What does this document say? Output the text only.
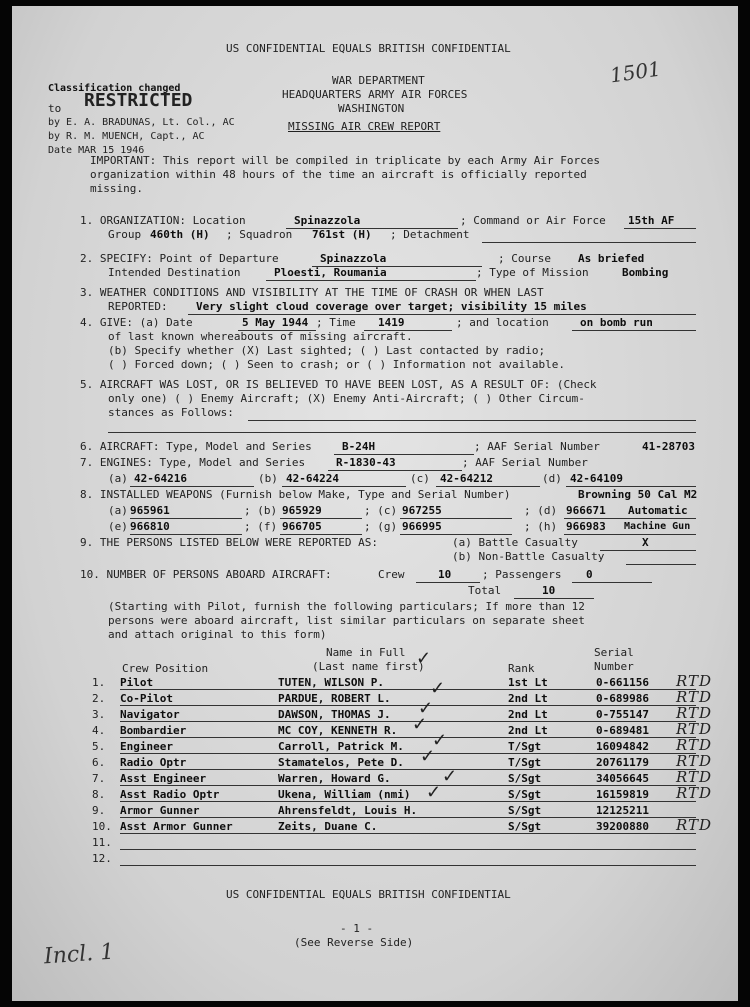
US CONFIDENTIAL EQUALS BRITISH CONFIDENTIAL
Classification changed
to RESTRICTED
by E. A. BRADUNAS, Lt. Col., AC
by R. M. MUENCH, Capt., AC
Date MAR 15 1946
WAR DEPARTMENT
HEADQUARTERS ARMY AIR FORCES
WASHINGTON
MISSING AIR CREW REPORT
1501
IMPORTANT: This report will be compiled in triplicate by each Army Air Forces
organization within 48 hours of the time an aircraft is officially reported
missing.
1. ORGANIZATION: Location	Spinazzola	; Command or Air Force 15th AF
Group 460th (H) ; Squadron 761st (H) ; Detachment
2. SPECIFY: Point of Departure	Spinazzola	; Course As briefed
Intended Destination	Ploesti, Roumania	; Type of Mission	Bombing
3. WEATHER CONDITIONS AND VISIBILITY AT THE TIME OF CRASH OR WHEN LAST
REPORTED:	Very slight cloud coverage over target; visibility 15 miles
4. GIVE: (a) Date	5 May 1944 ; Time 1419	; and location	on bomb run
of last known whereabouts of missing aircraft.
(b) Specify whether (X) Last sighted; ( ) Last contacted by radio;
( ) Forced down; ( ) Seen to crash; or ( ) Information not available.
5. AIRCRAFT WAS LOST, OR IS BELIEVED TO HAVE BEEN LOST, AS A RESULT OF: (Check
only one) ( ) Enemy Aircraft; (X) Enemy Anti-Aircraft; ( ) Other Circum-
stances as Follows:
6. AIRCRAFT: Type, Model and Series	B-24H	; AAF Serial Number	41-28703
7. ENGINES: Type, Model and Series	R-1830-43	; AAF Serial Number
(a) 42-64216	(b) 42-64224	(c) 42-64212	(d) 42-64109
8. INSTALLED WEAPONS (Furnish below Make, Type and Serial Number)	Browning 50 Cal M2
(a) 965961	; (b) 965929	; (c) 967255	; (d) 966671 Automatic
(e) 966810	; (f) 966705	; (g) 966995	; (h) 966983 Machine Gun
9. THE PERSONS LISTED BELOW WERE REPORTED AS:	(a) Battle Casualty	X
(b) Non-Battle Casualty
10. NUMBER OF PERSONS ABOARD AIRCRAFT:	Crew	10	; Passengers 0
Total	10
(Starting with Pilot, furnish the following particulars; If more than 12
persons were aboard aircraft, list similar particulars on separate sheet
and attach original to this form)
Name in Full
(Last name first)
Crew Position	Rank
Serial
Number
1. Pilot	TUTEN, WILSON P.	1st Lt	0-661156 RTD
2. Co-Pilot	PARDUE, ROBERT L.	2nd Lt	0-689986 RTD
3. Navigator	DAWSON, THOMAS J.	2nd Lt	0-755147 RTD
4. Bombardier	MC COY, KENNETH R.	2nd Lt	0-689481 RTD
5. Engineer	Carroll, Patrick M.	T/Sgt	16094842 RTD
6. Radio Optr	Stamatelos, Pete D.	T/Sgt	20761179 RTD
7. Asst Engineer	Warren, Howard G.	S/Sgt	34056645 RTD
8. Asst Radio Optr	Ukena, William (nmi)	S/Sgt	16159819 RTD
9. Armor Gunner	Ahrensfeldt, Louis H.	S/Sgt	12125211
10. Asst Armor Gunner	Zeits, Duane C.	S/Sgt	39200880 RTD
11.
12.
✓
✓
✓
✓
✓
✓
✓
✓
US CONFIDENTIAL EQUALS BRITISH CONFIDENTIAL
- 1 -
(See Reverse Side)
Incl. 1
